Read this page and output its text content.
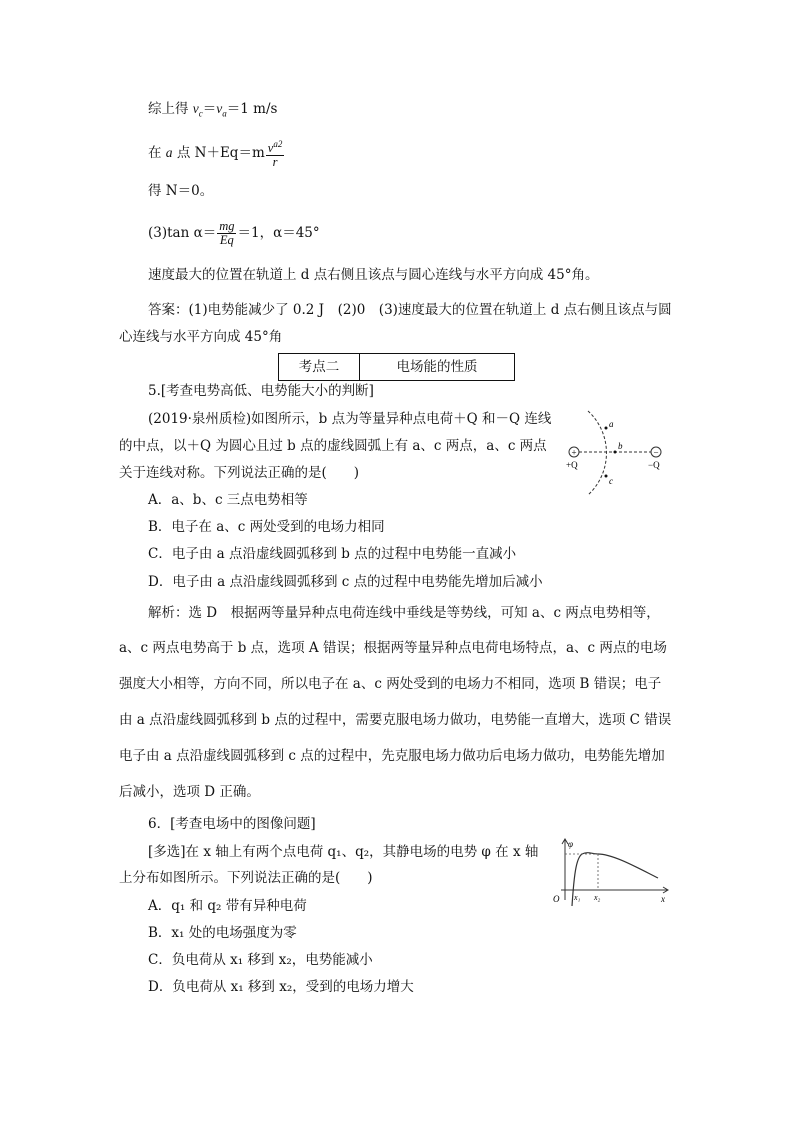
综上得 $v_c=v_a=1$ m/s
在 a 点 $N+Eq=m \frac{v^{a2}}{r}$
得 N＝0。
(3)tan $\alpha= \frac{mg}{Eq} =1$，α＝45°
速度最大的位置在轨道上 d 点右侧且该点与圆心连线与水平方向成 45°角。
答案：(1)电势能减少了 0.2 J　(2)0　(3)速度最大的位置在轨道上 d 点右侧且该点与圆
心连线与水平方向成 45°角
考点二	电场能的性质
5.[考查电势高低、电势能大小的判断]
(2019·泉州质检)如图所示，b 点为等量异种点电荷＋Q 和－Q 连线
的中点，以＋Q 为圆心且过 b 点的虚线圆弧上有 a、c 两点，a、c 两点
关于连线对称。下列说法正确的是(　　)
A．a、b、c 三点电势相等
B．电子在 a、c 两处受到的电场力相同
C．电子由 a 点沿虚线圆弧移到 b 点的过程中电势能一直减小
D．电子由 a 点沿虚线圆弧移到 c 点的过程中电势能先增加后减小
+	−
a
b
c
+Q	−Q
解析：选 D　根据两等量异种点电荷连线中垂线是等势线，可知 a、c 两点电势相等，
a、c 两点电势高于 b 点，选项 A 错误；根据两等量异种点电荷电场特点，a、c 两点的电场
强度大小相等，方向不同，所以电子在 a、c 两处受到的电场力不相同，选项 B 错误；电子
由 a 点沿虚线圆弧移到 b 点的过程中，需要克服电场力做功，电势能一直增大，选项 C 错误
电子由 a 点沿虚线圆弧移到 c 点的过程中，先克服电场力做功后电场力做功，电势能先增加
后减小，选项 D 正确。
6．[考查电场中的图像问题]
[多选]在 x 轴上有两个点电荷 q₁、q₂，其静电场的电势 φ 在 x 轴
上分布如图所示。下列说法正确的是(　　)
A．q₁ 和 q₂ 带有异种电荷
B．x₁ 处的电场强度为零
C．负电荷从 x₁ 移到 x₂，电势能减小
D．负电荷从 x₁ 移到 x₂，受到的电场力增大
φ
O x₁ x₂	x
